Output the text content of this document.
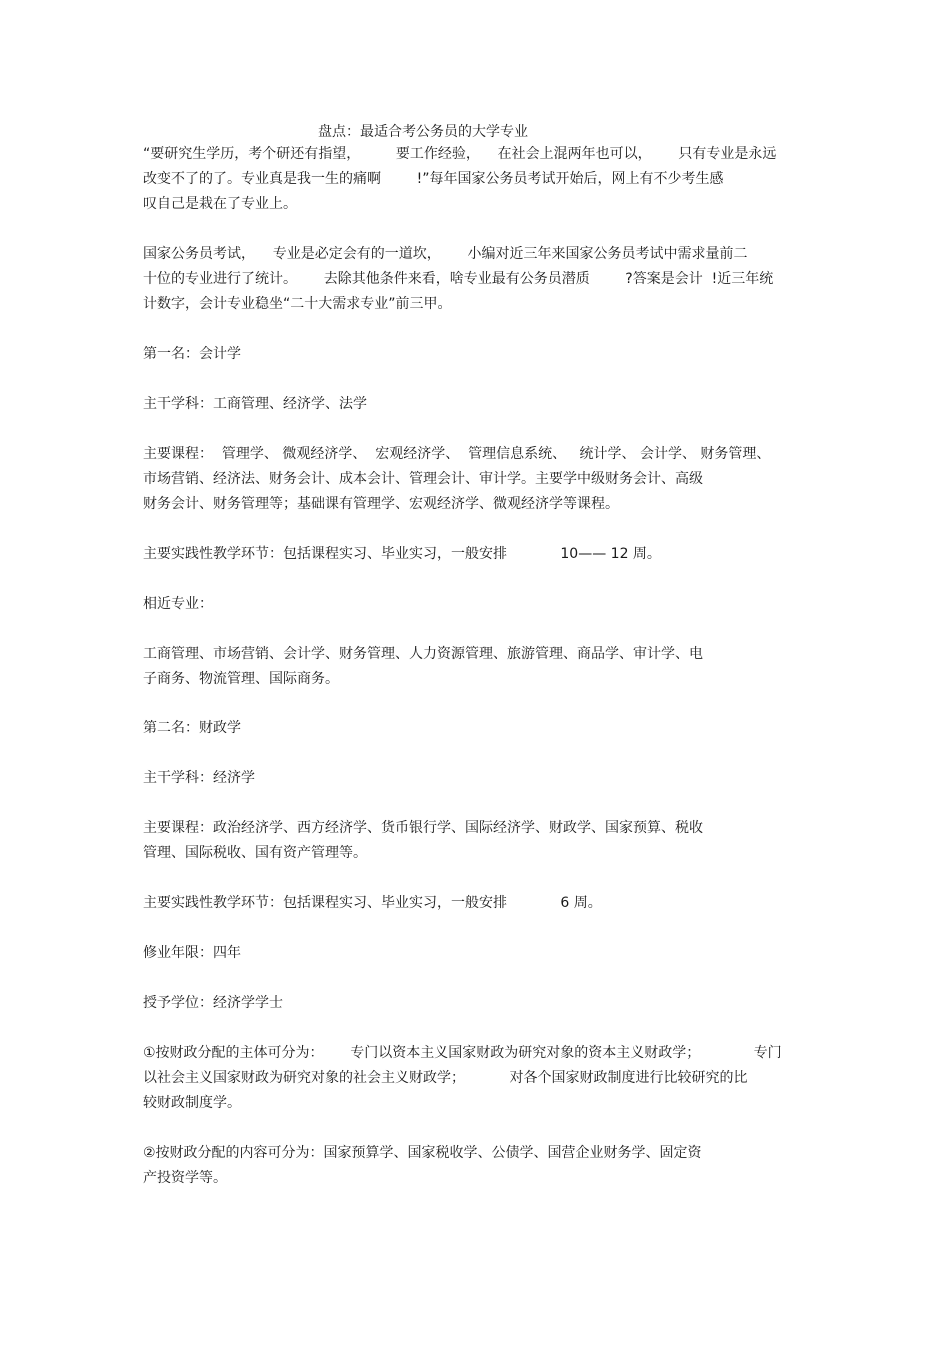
盘点：最适合考公务员的大学专业
“要研究生学历，考个研还有指望，        要工作经验，    在社会上混两年也可以，      只有专业是永远
改变不了的了。专业真是我一生的痛啊        !”每年国家公务员考试开始后，网上有不少考生感
叹自己是栽在了专业上。
国家公务员考试，    专业是必定会有的一道坎，      小编对近三年来国家公务员考试中需求量前二
十位的专业进行了统计。      去除其他条件来看，啥专业最有公务员潜质        ?答案是会计  !近三年统
计数字，会计专业稳坐“二十大需求专业”前三甲。
第一名：会计学
主干学科：工商管理、经济学、法学
主要课程：  管理学、 微观经济学、  宏观经济学、  管理信息系统、   统计学、 会计学、 财务管理、
市场营销、经济法、财务会计、成本会计、管理会计、审计学。主要学中级财务会计、高级
财务会计、财务管理等；基础课有管理学、宏观经济学、微观经济学等课程。
主要实践性教学环节：包括课程实习、毕业实习，一般安排            10—— 12 周。
相近专业：
工商管理、市场营销、会计学、财务管理、人力资源管理、旅游管理、商品学、审计学、电
子商务、物流管理、国际商务。
第二名：财政学
主干学科：经济学
主要课程：政治经济学、西方经济学、货币银行学、国际经济学、财政学、国家预算、税收
管理、国际税收、国有资产管理等。
主要实践性教学环节：包括课程实习、毕业实习，一般安排            6 周。
修业年限：四年
授予学位：经济学学士
①按财政分配的主体可分为：      专门以资本主义国家财政为研究对象的资本主义财政学；            专门
以社会主义国家财政为研究对象的社会主义财政学；          对各个国家财政制度进行比较研究的比
较财政制度学。
②按财政分配的内容可分为：国家预算学、国家税收学、公债学、国营企业财务学、固定资
产投资学等。
